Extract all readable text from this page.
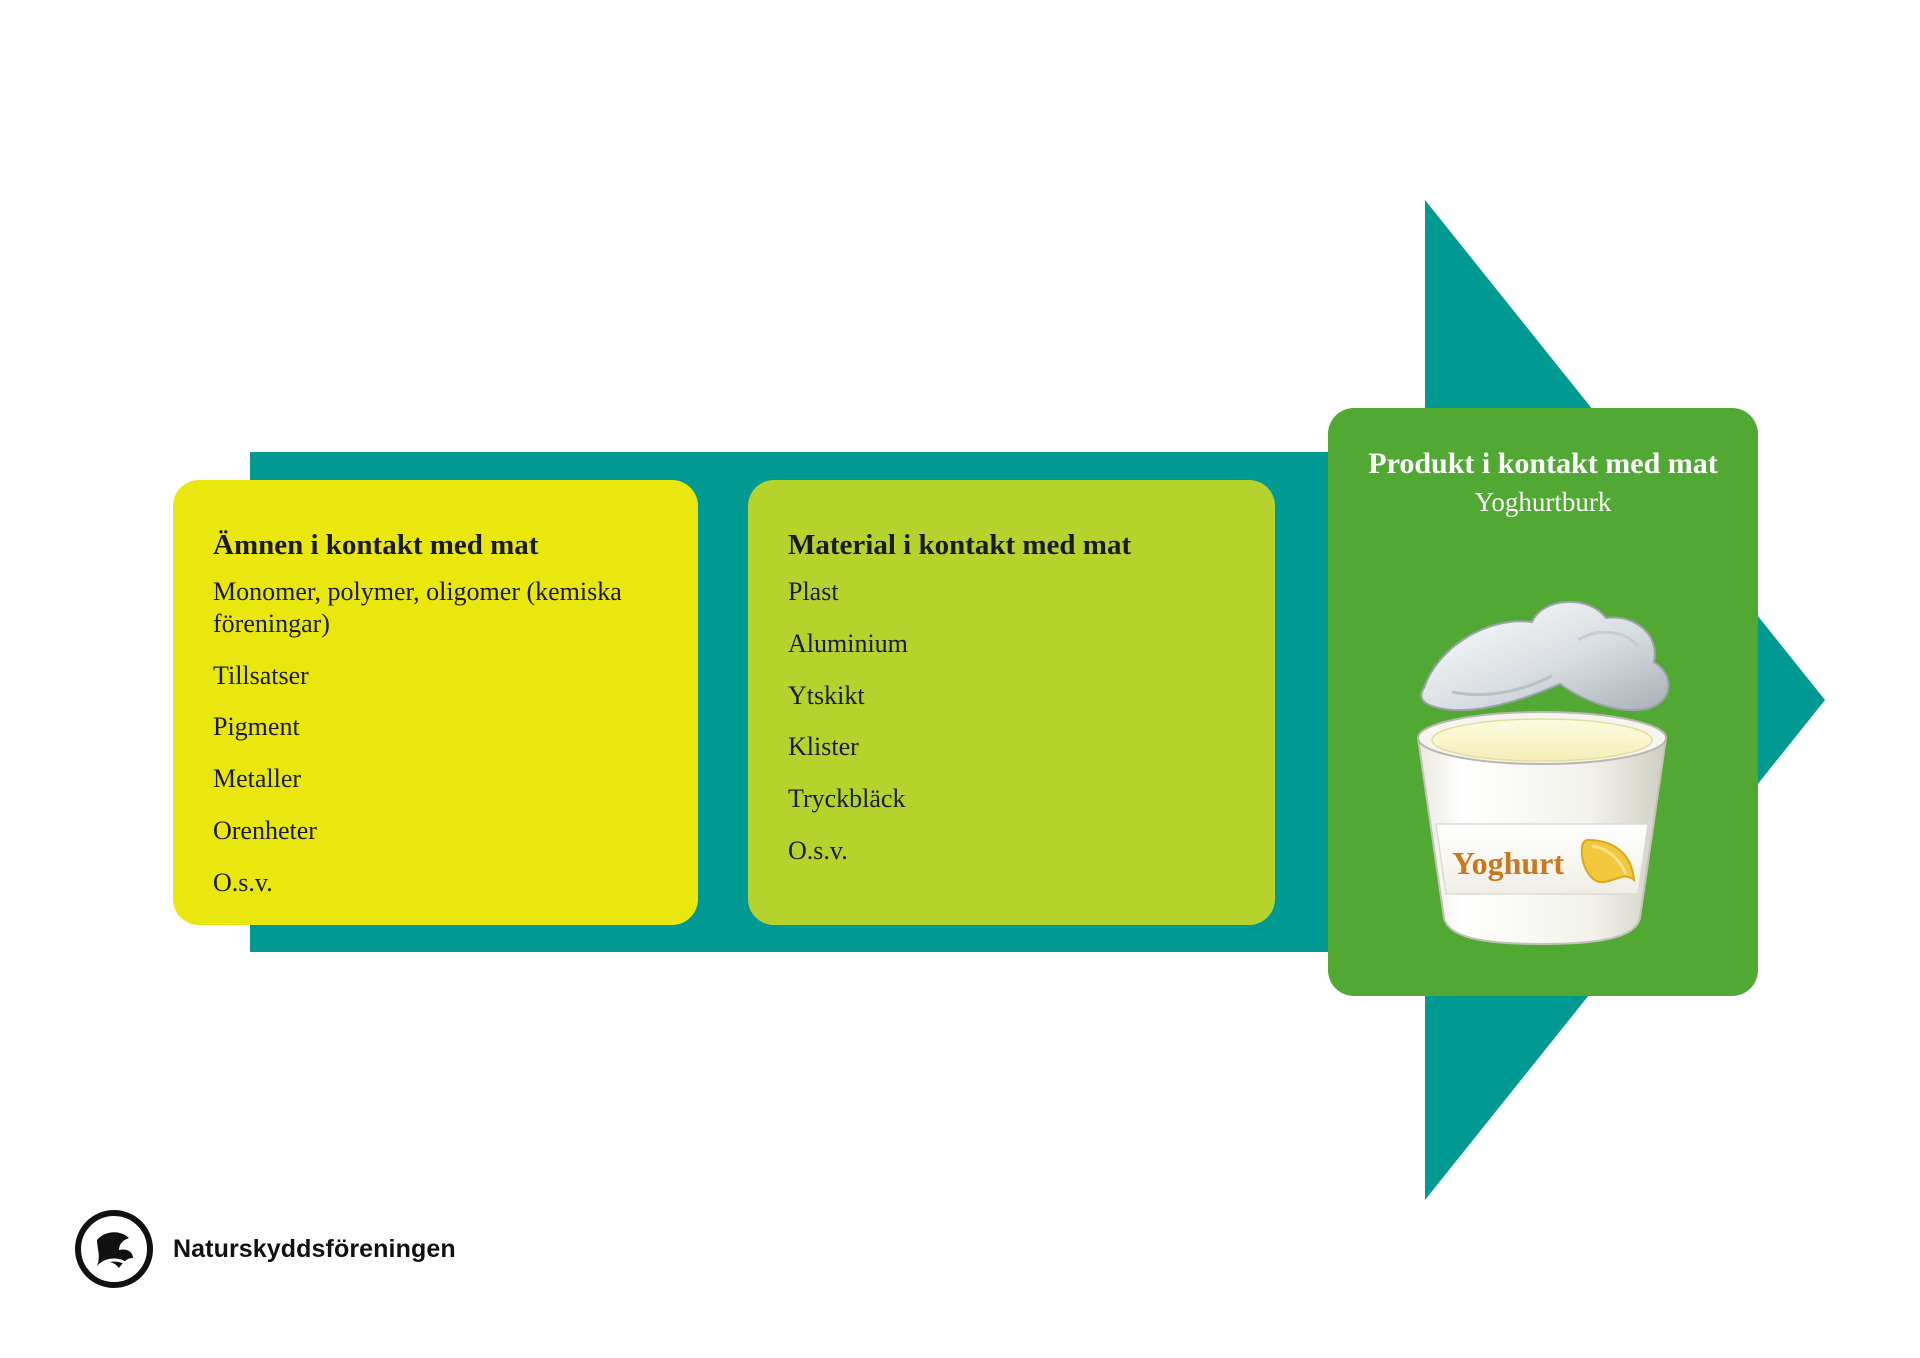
Ämnen i kontakt med mat
Monomer, polymer, oligomer (kemiska föreningar)
Tillsatser
Pigment
Metaller
Orenheter
O.s.v.
Material i kontakt med mat
Plast
Aluminium
Ytskikt
Klister
Tryckbläck
O.s.v.
Produkt i kontakt med mat

Yoghurtburk

Yoghurt
Naturskyddsföreningen
